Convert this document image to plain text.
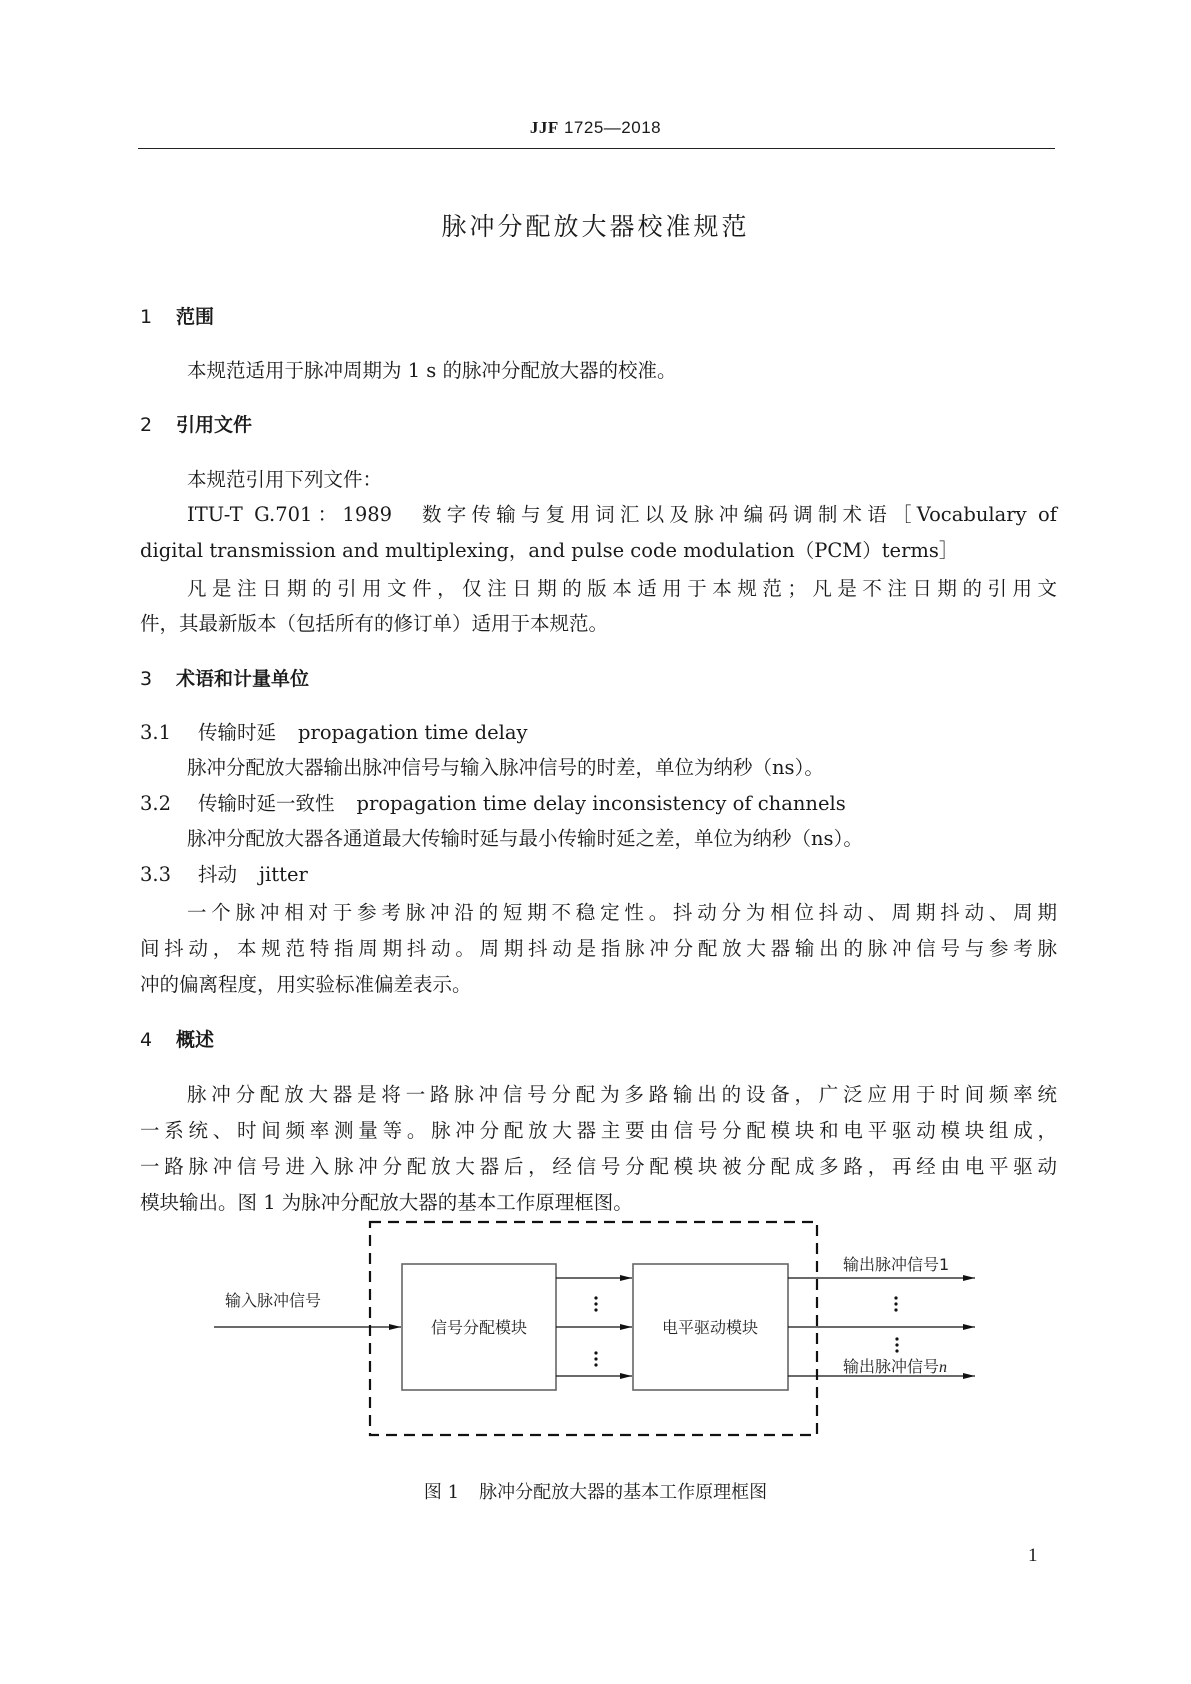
JJF 1725—2018
脉冲分配放大器校准规范
1 范围
本规范适用于脉冲周期为 1 s 的脉冲分配放大器的校准。
2 引用文件
本规范引用下列文件：
ITU-T G.701：1989　数字传输与复用词汇以及脉冲编码调制术语［Vocabulary of
digital transmission and multiplexing，and pulse code modulation（PCM）terms］
凡是注日期的引用文件，仅注日期的版本适用于本规范；凡是不注日期的引用文
件，其最新版本（包括所有的修订单）适用于本规范。
3 术语和计量单位
3.1 传输时延 propagation time delay
脉冲分配放大器输出脉冲信号与输入脉冲信号的时差，单位为纳秒（ns）。
3.2 传输时延一致性 propagation time delay inconsistency of channels
脉冲分配放大器各通道最大传输时延与最小传输时延之差，单位为纳秒（ns）。
3.3 抖动 jitter
一个脉冲相对于参考脉冲沿的短期不稳定性。抖动分为相位抖动、周期抖动、周期
间抖动，本规范特指周期抖动。周期抖动是指脉冲分配放大器输出的脉冲信号与参考脉
冲的偏离程度，用实验标准偏差表示。
4 概述
脉冲分配放大器是将一路脉冲信号分配为多路输出的设备，广泛应用于时间频率统
一系统、时间频率测量等。脉冲分配放大器主要由信号分配模块和电平驱动模块组成，
一路脉冲信号进入脉冲分配放大器后，经信号分配模块被分配成多路，再经由电平驱动
模块输出。图 1 为脉冲分配放大器的基本工作原理框图。
输入脉冲信号
信号分配模块	电平驱动模块
输出脉冲信号1
输出脉冲信号n
图 1 脉冲分配放大器的基本工作原理框图
1
